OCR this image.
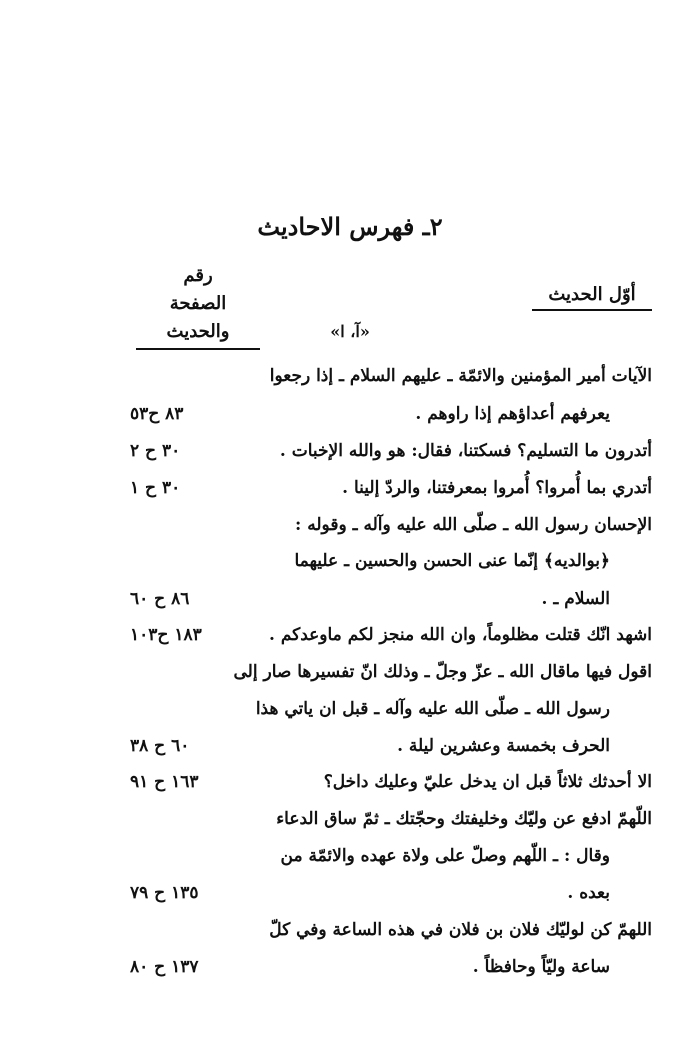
٢ـ فهرس الاحاديث
أوّل الحديث
رقم

الصفحة والحديث	«آ، ا»
الآيات أمير المؤمنين والائمّة ـ عليهم السلام ـ إذا رجعوا
يعرفهم أعداؤهم إذا راوهم .
٨٣ ح٥٣
أتدرون ما التسليم؟ فسكتنا، فقال: هو والله الإخبات .
٣٠ ح ٢
أتدري بما أُمروا؟ أُمروا بمعرفتنا، والردّ إلينا .
٣٠ ح ١
الإحسان رسول الله ـ صلّى الله عليه وآله ـ وقوله :
﴿بوالديه﴾ إنّما عنى الحسن والحسين ـ عليهما
السلام ـ .
٨٦ ح ٦٠
اشهد انّك قتلت مظلوماً، وان الله منجز لكم ماوعدكم .
١٨٣ ح١٠٣
اقول فيها ماقال الله ـ عزّ وجلّ ـ وذلك انّ تفسيرها صار إلى
رسول الله ـ صلّى الله عليه وآله ـ قبل ان ياتي هذا
الحرف بخمسة وعشرين ليلة .
٦٠ ح ٣٨
الا أحدثك ثلاثاً قبل ان يدخل عليّ وعليك داخل؟
١٦٣ ح ٩١
اللّهمّ ادفع عن وليّك وخليفتك وحجّتك ـ ثمّ ساق الدعاء
وقال : ـ اللّهم وصلّ على ولاة عهده والائمّة من
بعده .
١٣٥ ح ٧٩
اللهمّ كن لوليّك فلان بن فلان في هذه الساعة وفي كلّ
ساعة وليّاً وحافظاً .
١٣٧ ح ٨٠
